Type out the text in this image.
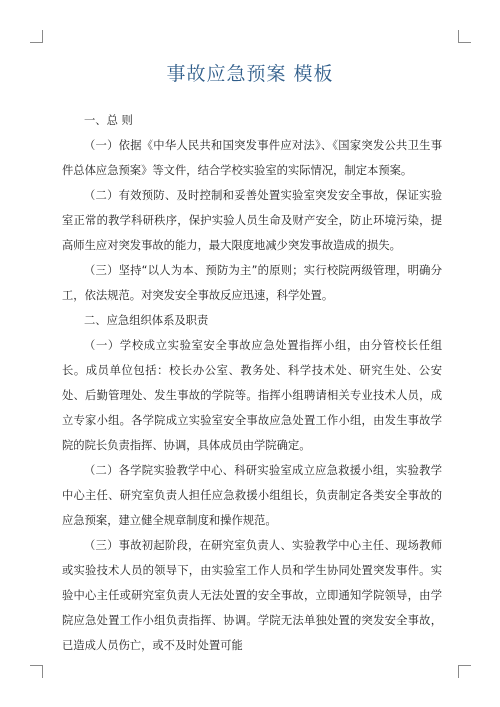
事故应急预案 模板

一、总 则

（一）依据《中华人民共和国突发事件应对法》、《国家突发公共卫生事件总体应急预案》等文件，结合学校实验室的实际情况，制定本预案。

（二）有效预防、及时控制和妥善处置实验室突发安全事故，保证实验室正常的教学科研秩序，保护实验人员生命及财产安全，防止环境污染，提高师生应对突发事故的能力，最大限度地减少突发事故造成的损失。

（三）坚持“以人为本、预防为主”的原则；实行校院两级管理，明确分工，依法规范。对突发安全事故反应迅速，科学处置。

二、应急组织体系及职责

（一）学校成立实验室安全事故应急处置指挥小组，由分管校长任组长。成员单位包括：校长办公室、教务处、科学技术处、研究生处、公安处、后勤管理处、发生事故的学院等。指挥小组聘请相关专业技术人员，成立专家小组。各学院成立实验室安全事故应急处置工作小组，由发生事故学院的院长负责指挥、协调，具体成员由学院确定。

（二）各学院实验教学中心、科研实验室成立应急救援小组，实验教学中心主任、研究室负责人担任应急救援小组组长，负责制定各类安全事故的应急预案，建立健全规章制度和操作规范。

（三）事故初起阶段，在研究室负责人、实验教学中心主任、现场教师或实验技术人员的领导下，由实验室工作人员和学生协同处置突发事件。实验中心主任或研究室负责人无法处置的安全事故，立即通知学院领导，由学院应急处置工作小组负责指挥、协调。学院无法单独处置的突发安全事故，已造成人员伤亡，或不及时处置可能
